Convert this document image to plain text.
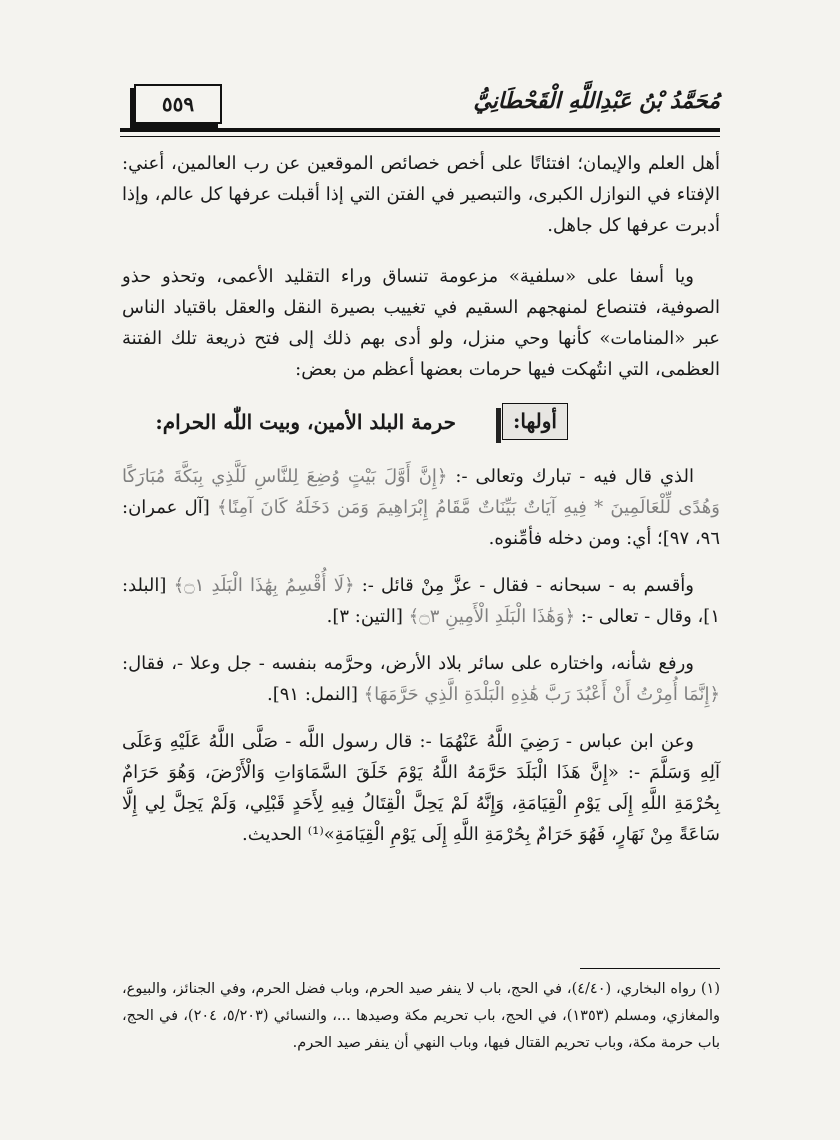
مُحَمَّدُ بْنُ عَبْدِاللَّهِ الْقَحْطَانِيُّ
٥٥٩

أهل العلم والإيمان؛ افتئاتًا على أخص خصائص الموقعين عن رب العالمين، أعني: الإفتاء في النوازل الكبرى، والتبصير في الفتن التي إذا أقبلت عرفها كل عالم، وإذا أدبرت عرفها كل جاهل.

ويا أسفا على «سلفية» مزعومة تنساق وراء التقليد الأعمى، وتحذو حذو الصوفية، فتنصاع لمنهجهم السقيم في تغييب بصيرة النقل والعقل باقتياد الناس عبر «المنامات» كأنها وحي منزل، ولو أدى بهم ذلك إلى فتح ذريعة تلك الفتنة العظمى، التي انتُهكت فيها حرمات بعضها أعظم من بعض:

أولها:
حرمة البلد الأمين، وبيت اللّٰه الحرام:

الذي قال فيه - تبارك وتعالى -: ﴿إِنَّ أَوَّلَ بَيْتٍ وُضِعَ لِلنَّاسِ لَلَّذِي بِبَكَّةَ مُبَارَكًا وَهُدًى لِّلْعَالَمِينَ * فِيهِ آيَاتٌ بَيِّنَاتٌ مَّقَامُ إِبْرَاهِيمَ وَمَن دَخَلَهُ كَانَ آمِنًا﴾ [آل عمران: ٩٦، ٩٧]؛ أي: ومن دخله فأمِّنوه.

وأقسم به - سبحانه - فقال - عزَّ مِنْ قائل -: ﴿لَا أُقْسِمُ بِهَٰذَا الْبَلَدِ ۝١﴾ [البلد: ١]، وقال - تعالى -: ﴿وَهَٰذَا الْبَلَدِ الْأَمِينِ ۝٣﴾ [التين: ٣].

ورفع شأنه، واختاره على سائر بلاد الأرض، وحرَّمه بنفسه - جل وعلا -، فقال: ﴿إِنَّمَا أُمِرْتُ أَنْ أَعْبُدَ رَبَّ هَٰذِهِ الْبَلْدَةِ الَّذِي حَرَّمَهَا﴾ [النمل: ٩١].

وعن ابن عباس - رَضِيَ اللَّهُ عَنْهُمَا -: قال رسول اللَّه - صَلَّى اللَّهُ عَلَيْهِ وَعَلَى آلِهِ وَسَلَّمَ -: «إِنَّ هَذَا الْبَلَدَ حَرَّمَهُ اللَّهُ يَوْمَ خَلَقَ السَّمَاوَاتِ وَالْأَرْضَ، وَهُوَ حَرَامٌ بِحُرْمَةِ اللَّهِ إِلَى يَوْمِ الْقِيَامَةِ، وَإِنَّهُ لَمْ يَحِلَّ الْقِتَالُ فِيهِ لِأَحَدٍ قَبْلِي، وَلَمْ يَحِلَّ لِي إِلَّا سَاعَةً مِنْ نَهَارٍ، فَهُوَ حَرَامٌ بِحُرْمَةِ اللَّهِ إِلَى يَوْمِ الْقِيَامَةِ»⁽¹⁾ الحديث.

(١) رواه البخاري، (٤/٤٠)، في الحج، باب لا ينفر صيد الحرم، وباب فضل الحرم، وفي الجنائز، والبيوع، والمغازي، ومسلم (١٣٥٣)، في الحج، باب تحريم مكة وصيدها ...، والنسائي (٥/٢٠٣، ٢٠٤)، في الحج، باب حرمة مكة، وباب تحريم القتال فيها، وباب النهي أن ينفر صيد الحرم.
